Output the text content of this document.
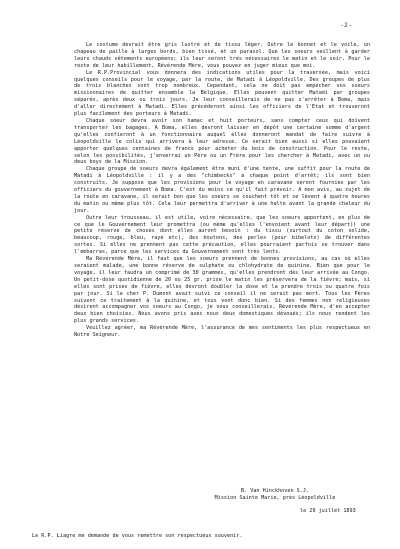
-2-

Le costume devrait être gris lustré et de tissu léger. Outre le bonnet et le voile, un chapeau de paille à larges bords, bien tissé, et un parasol. Que les soeurs veillent à garder leurs chauds vêtements européens; ils leur seront très nécessaires le matin et le soir. Pour le reste de leur habillement, Révérende Mère, vous pouvez en juger mieux que moi.

Le R.P.Provincial vous donnera des indications utiles pour la traversée, mais voici quelques conseils pour le voyage, par la route, de Matadi à Léopoldville. Des groupes de plus de trois blanches sont trop nombreux. Cependant, cela ne doit pas empêcher vos soeurs missionnaires de quitter ensemble la Belgique. Elles peuvent quitter Matadi par groupes séparés, après deux ou trois jours. Je leur conseillerais de ne pas s'arrêter à Boma, mais d'aller directement à Matadi. Elles précéderont ainsi les officiers de l'Etat et trouveront plus facilement des porteurs à Matadi.

Chaque soeur devra avoir son hamac et huit porteurs, sans compter ceux qui doivent transporter les bagages. A Boma, elles devront laisser en dépôt une certaine somme d'argent qu'elles confieront à un fonctionnaire auquel elles donneront mandat de faire suivre à Léopoldville le colis qui arrivera à leur adresse. Ce serait bien aussi si elles pouvaient apporter quelques centaines de francs pour acheter du bois de construction. Pour le reste, selon les possibilités, j'enverrai un Père ou un Frère pour les chercher à Matadi, avec un ou deux boys de la Mission.

Chaque groupe de soeurs devra également être muni d'une tente, une suffit pour la route de Matadi à Léopoldville : il y a des "chimbecks" à chaque point d'arrêt; ils sont bien construits. Je suppose que les provisions pour le voyage en caravane seront fournies par les officiers du gouvernement à Boma. C'est du moins ce qu'il fait prévoir. A mon avis, au sujet de la route en caravane, il serait bon que les soeurs se couchent tôt et se lèvent à quatre heures du matin ou même plus tôt. Cela leur permettra d'arriver à une halte avant la grande chaleur du jour.

Outre leur trousseau, il est utile, voire nécessaire, que les soeurs apportent, en plus de ce que le Gouvernement leur promettra (ou même qu'elles l'envoient avant leur départ)) une petite réserve de choses dont elles auront besoin : du tissu (surtout du coton solide, beaucoup, rouge, bleu, rayé etc), des boutons, des perles (pour bibelots) de différentes sortes. Si elles ne prennent pas cette précaution, elles pourraient parfois se trouver dans l'embarras, parce que les services du Gouvernement sont très lents.

Ma Révérende Mère, il faut que les soeurs prennent de bonnes provisions, au cas où elles seraient malade, une bonne réserve de sulphate ou chlohydrate de quinine. Bien que pour le voyage, il leur faudra un comprimé de 30 grammes, qu'elles prendront dès leur arrivée au Congo. Un petit-dose quotidienne de 20 ou 25 gr. prise le matin les préservera de la fièvre; mais, si elles sont prises de fièvre, elles devront doubler la dose et la prendre trois ou quatre fois par jour. Si le cher P. Dumont avait suivi ce conseil il ne serait pas mort. Tous les Pères suivent ce traitement à la quinine, et tous vont donc bien. Si des femmes non religieuses désirent accompagner vos soeurs au Congo, je vous conseillerais, Révérende Mère, d'en accepter deux bien choisies. Nous avons pris avec nous deux domestiques dévoués; ils nous rendent les plus grands services.

Veuillez agréer, ma Révérende Mère, l'assurance de mes sentiments les plus respectueux en Notre Seigneur.

B. Van Hinckhoven S.J.
Mission Sainte Marie, près Léopoldville
le 29 juillet 1893
Le R.P. Liagre me demande de vous remettre son respectueux souvenir.
